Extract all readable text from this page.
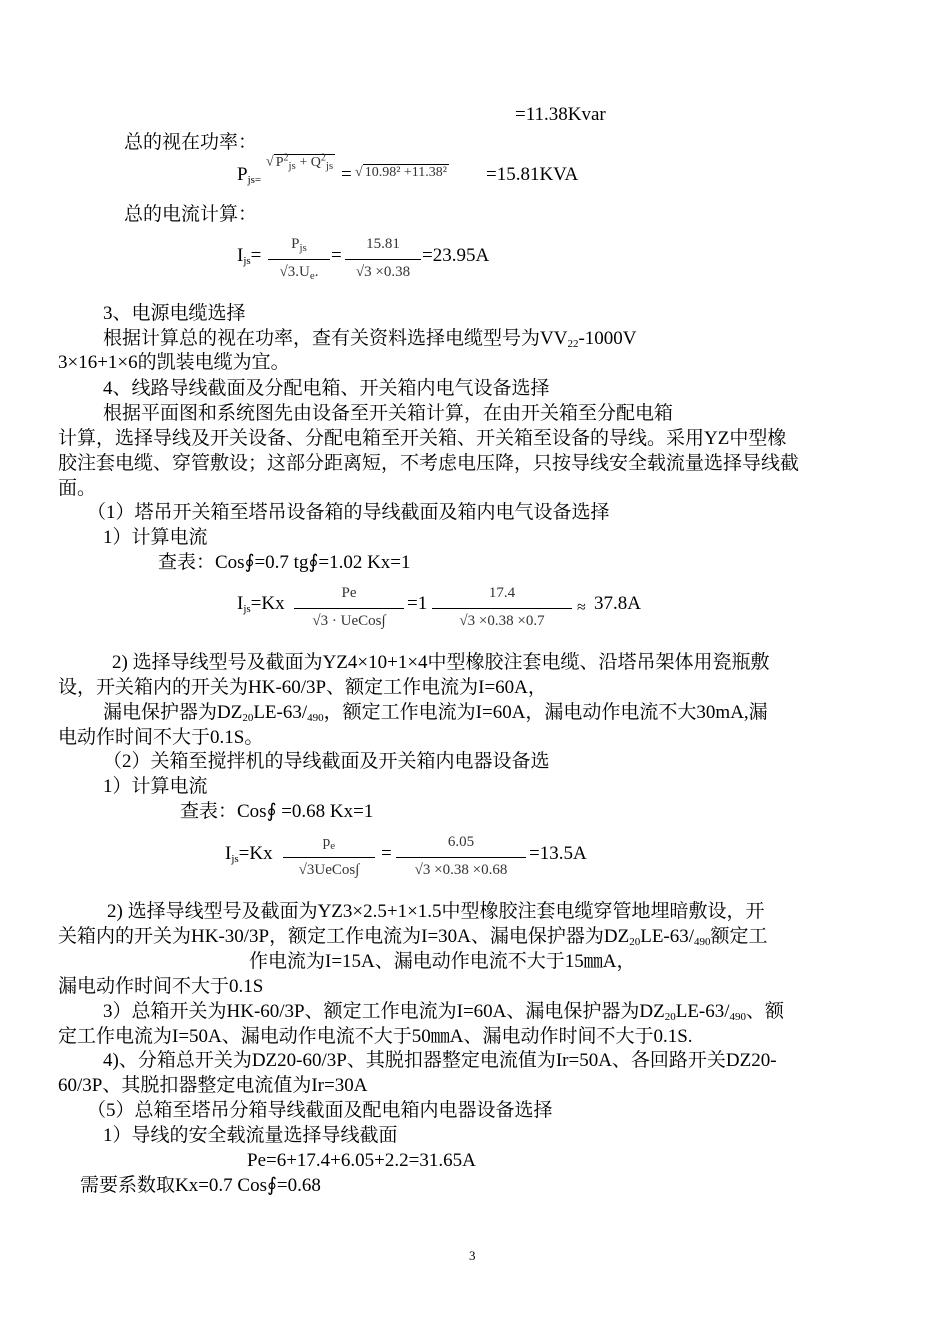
=11.38Kvar
总的视在功率：
$P_{js=}$
√ $P^2_{js} + Q^2_{js}$ = √ 10.98² +11.38² =15.81KVA
总的电流计算：
$I_{js}=$
$P_{js}$
$√3.U_e$.
=
15.81
√3 ×0.38
=23.95A
3、电源电缆选择
根据计算总的视在功率，查有关资料选择电缆型号为$VV_{22}-1000V$
3×16+1×6的凯装电缆为宜。
4、线路导线截面及分配电箱、开关箱内电气设备选择
根据平面图和系统图先由设备至开关箱计算，在由开关箱至分配电箱
计算，选择导线及开关设备、分配电箱至开关箱、开关箱至设备的导线。采用YZ中型橡
胶注套电缆、穿管敷设；这部分距离短，不考虑电压降，只按导线安全载流量选择导线截
面。
（1）塔吊开关箱至塔吊设备箱的导线截面及箱内电气设备选择
1）计算电流
查表：Cos∮=0.7 tg∮=1.02 Kx=1
$I_{js}=Kx$	Pe
√3 · UeCos∫
=1	17.4
√3 ×0.38 ×0.7
≈ 37.8A
2) 选择导线型号及截面为YZ4×10+1×4中型橡胶注套电缆、沿塔吊架体用瓷瓶敷
设，开关箱内的开关为HK-60/3P、额定工作电流为I=60A，
漏电保护器为$DZ_{20}LE-63/_{490}$，额定工作电流为I=60A，漏电动作电流不大30mA,漏
电动作时间不大于0.1S。
（2）关箱至搅拌机的导线截面及开关箱内电器设备选
1）计算电流
查表：Cos∮ =0.68 Kx=1
$I_{js}=Kx$
$p_e$
√3UeCos∫
=
6.05
√3 ×0.38 ×0.68
=13.5A
2) 选择导线型号及截面为YZ3×2.5+1×1.5中型橡胶注套电缆穿管地埋暗敷设，开
关箱内的开关为HK-30/3P，额定工作电流为I=30A、漏电保护器为$DZ_{20}LE-63/_{490}$额定工
作电流为I=15A、漏电动作电流不大于15㎜A，
漏电动作时间不大于0.1S
3）总箱开关为HK-60/3P、额定工作电流为I=60A、漏电保护器为$DZ_{20}LE-63/_{490}$、额
定工作电流为I=50A、漏电动作电流不大于50㎜A、漏电动作时间不大于0.1S.
4)、分箱总开关为DZ20-60/3P、其脱扣器整定电流值为Ir=50A、各回路开关DZ20-
60/3P、其脱扣器整定电流值为Ir=30A
（5）总箱至塔吊分箱导线截面及配电箱内电器设备选择
1）导线的安全载流量选择导线截面
Pe=6+17.4+6.05+2.2=31.65A
需要系数取Kx=0.7 Cos∮=0.68
3
